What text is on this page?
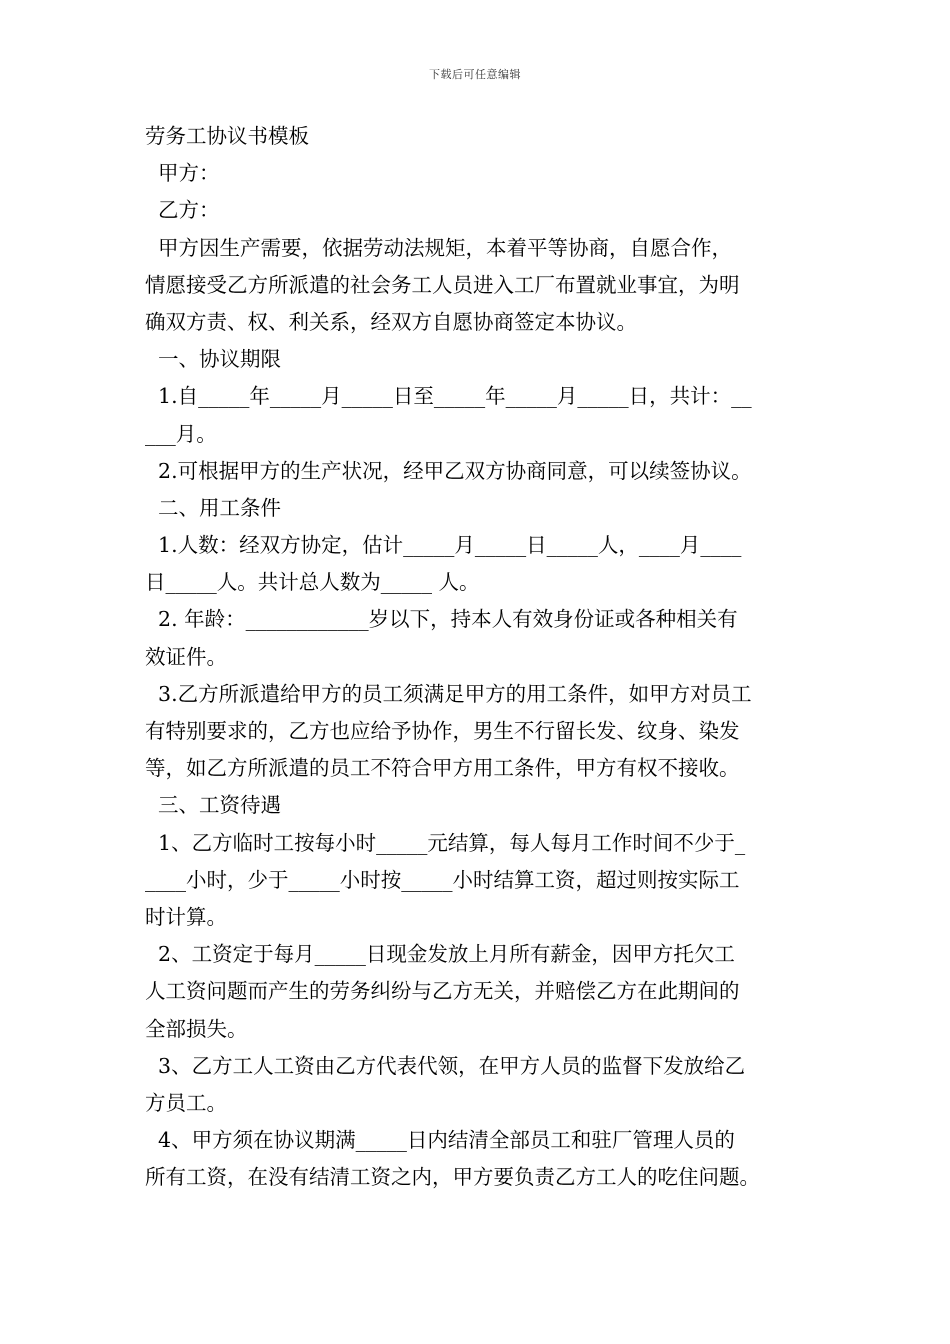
下载后可任意编辑
劳务工协议书模板
甲方：
乙方：
甲方因生产需要，依据劳动法规矩，本着平等协商，自愿合作，
情愿接受乙方所派遣的社会务工人员进入工厂布置就业事宜，为明
确双方责、权、利关系，经双方自愿协商签定本协议。
一、协议期限
1.自_____年_____月_____日至_____年_____月_____日，共计：__
___月。
2.可根据甲方的生产状况，经甲乙双方协商同意，可以续签协议。
二、用工条件
1.人数：经双方协定，估计_____月_____日_____人，____月____
日_____人。共计总人数为_____ 人。
2. 年龄：____________岁以下，持本人有效身份证或各种相关有
效证件。
3.乙方所派遣给甲方的员工须满足甲方的用工条件，如甲方对员工
有特别要求的，乙方也应给予协作，男生不行留长发、纹身、染发
等，如乙方所派遣的员工不符合甲方用工条件，甲方有权不接收。
三、工资待遇
1、乙方临时工按每小时_____元结算，每人每月工作时间不少于_
____小时，少于_____小时按_____小时结算工资，超过则按实际工
时计算。
2、工资定于每月_____日现金发放上月所有薪金，因甲方托欠工
人工资问题而产生的劳务纠纷与乙方无关，并赔偿乙方在此期间的
全部损失。
3、乙方工人工资由乙方代表代领，在甲方人员的监督下发放给乙
方员工。
4、甲方须在协议期满_____日内结清全部员工和驻厂管理人员的
所有工资，在没有结清工资之内，甲方要负责乙方工人的吃住问题。
